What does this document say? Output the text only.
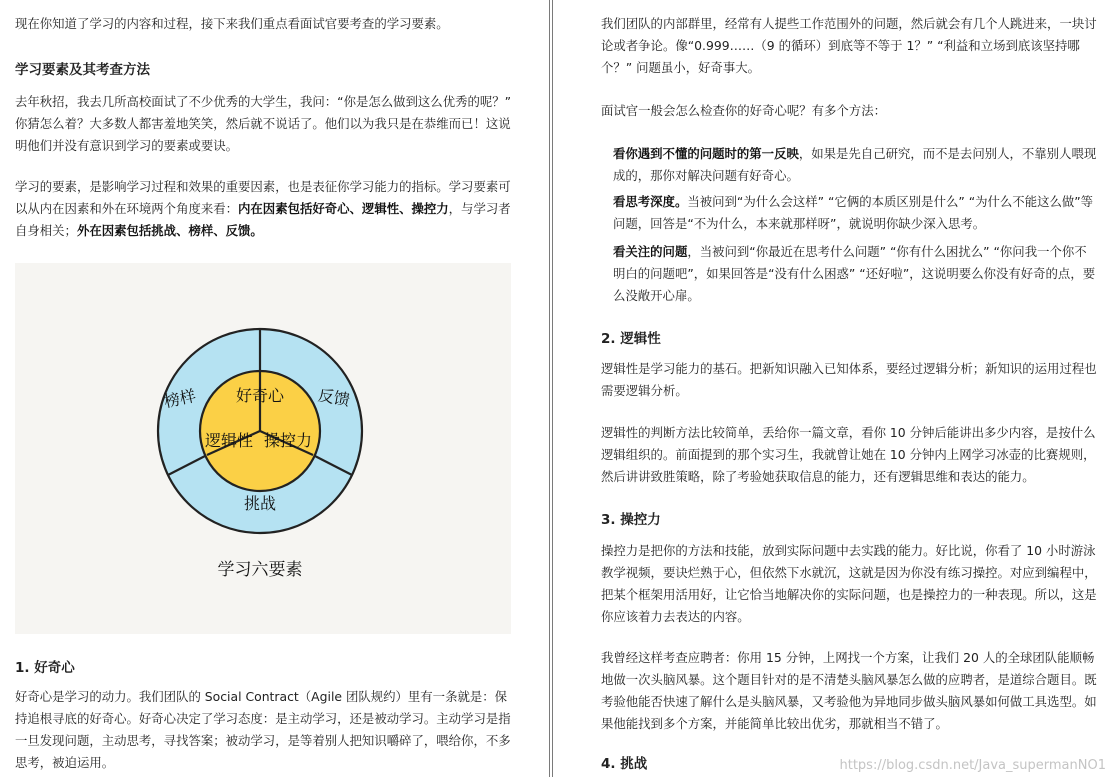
现在你知道了学习的内容和过程，接下来我们重点看面试官要考查的学习要素。

学习要素及其考查方法

去年秋招，我去几所高校面试了不少优秀的大学生，我问：“你是怎么做到这么优秀的呢？” 你猜怎么着？大多数人都害羞地笑笑，然后就不说话了。他们以为我只是在恭维而已！这说明他们并没有意识到学习的要素或要诀。

学习的要素，是影响学习过程和效果的重要因素，也是表征你学习能力的指标。学习要素可以从内在因素和外在环境两个角度来看：内在因素包括好奇心、逻辑性、操控力，与学习者自身相关；外在因素包括挑战、榜样、反馈。

好奇心
逻辑性 操控力
榜样	反馈
挑战
学习六要素
1. 好奇心

好奇心是学习的动力。我们团队的 Social Contract（Agile 团队规约）里有一条就是：保持追根寻底的好奇心。好奇心决定了学习态度：是主动学习，还是被动学习。主动学习是指一旦发现问题，主动思考，寻找答案；被动学习，是等着别人把知识嚼碎了，喂给你，不多思考，被迫运用。

我们团队的内部群里，经常有人提些工作范围外的问题，然后就会有几个人跳进来，一块讨论或者争论。像“0.999……（9 的循环）到底等不等于 1？” “利益和立场到底该坚持哪个？” 问题虽小，好奇事大。

面试官一般会怎么检查你的好奇心呢？有多个方法：

看你遇到不懂的问题时的第一反映，如果是先自己研究，而不是去问别人，不靠别人喂现成的，那你对解决问题有好奇心。

看思考深度。当被问到“为什么会这样” “它俩的本质区别是什么” “为什么不能这么做”等问题，回答是“不为什么，本来就那样呀”，就说明你缺少深入思考。

看关注的问题，当被问到“你最近在思考什么问题” “你有什么困扰么” “你问我一个你不明白的问题吧”，如果回答是“没有什么困惑” “还好啦”，这说明要么你没有好奇的点，要么没敞开心扉。

2. 逻辑性

逻辑性是学习能力的基石。把新知识融入已知体系，要经过逻辑分析；新知识的运用过程也需要逻辑分析。

逻辑性的判断方法比较简单，丢给你一篇文章，看你 10 分钟后能讲出多少内容，是按什么逻辑组织的。前面提到的那个实习生，我就曾让她在 10 分钟内上网学习冰壶的比赛规则，然后讲讲致胜策略，除了考验她获取信息的能力，还有逻辑思维和表达的能力。

3. 操控力

操控力是把你的方法和技能，放到实际问题中去实践的能力。好比说，你看了 10 小时游泳教学视频，要诀烂熟于心，但依然下水就沉，这就是因为你没有练习操控。对应到编程中，把某个框架用活用好，让它恰当地解决你的实际问题，也是操控力的一种表现。所以，这是你应该着力去表达的内容。

我曾经这样考查应聘者：你用 15 分钟，上网找一个方案，让我们 20 人的全球团队能顺畅地做一次头脑风暴。这个题目针对的是不清楚头脑风暴怎么做的应聘者，是道综合题目。既考验他能否快速了解什么是头脑风暴，又考验他为异地同步做头脑风暴如何做工具选型。如果他能找到多个方案，并能简单比较出优劣，那就相当不错了。

4. 挑战	https://blog.csdn.net/Java_supermanNO1
